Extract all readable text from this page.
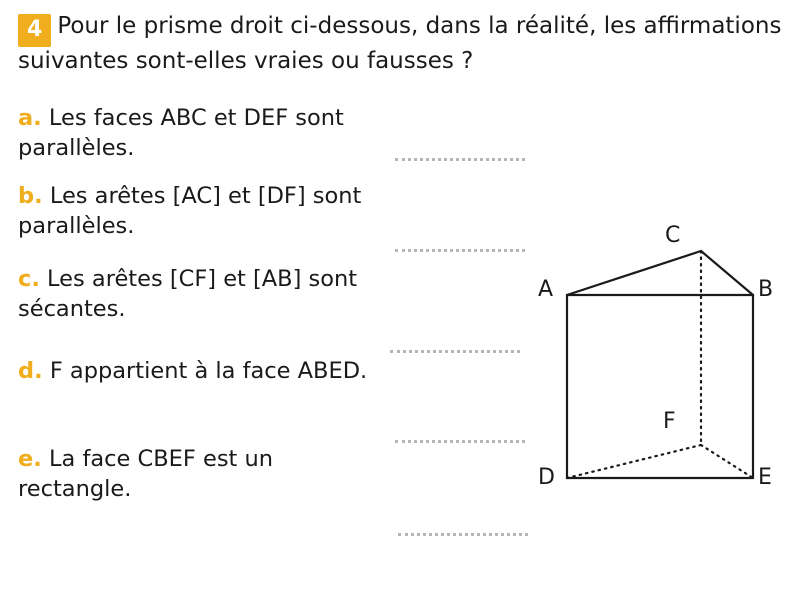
4 Pour le prisme droit ci-dessous, dans la réalité, les affirmations suivantes sont-elles vraies ou fausses ?
a. Les faces ABC et DEF sont parallèles.
b. Les arêtes [AC] et [DF] sont parallèles.
c. Les arêtes [CF] et [AB] sont sécantes.
d. F appartient à la face ABED.
e. La face CBEF est un rectangle.
A	B
C
D	E
F
